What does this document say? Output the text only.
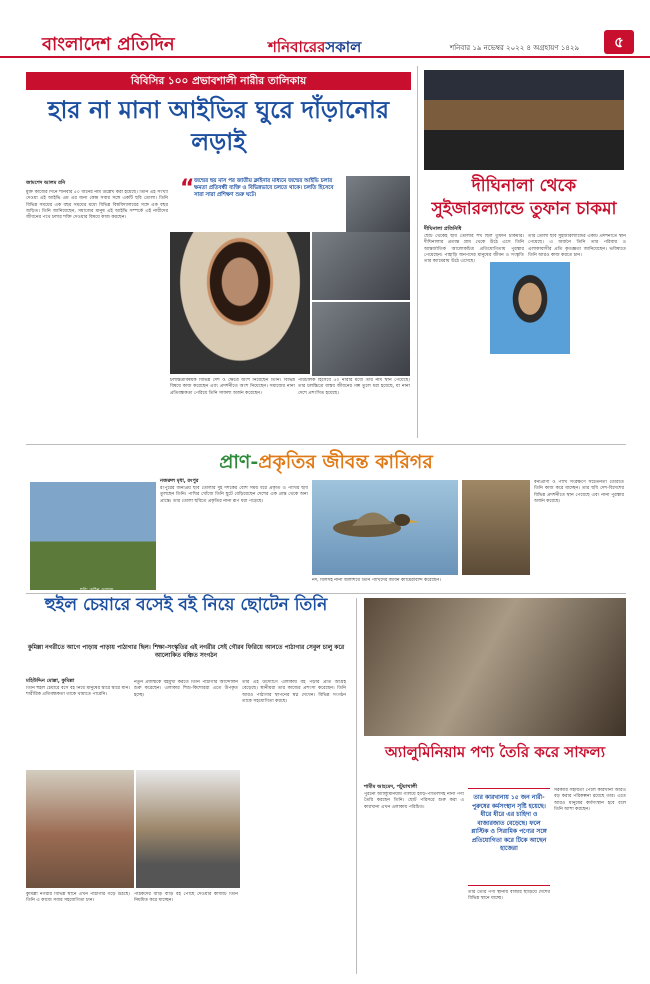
বাংলাদেশ প্রতিদিন	শনিবারেরসকাল	শনিবার ১৯ নভেম্বর ২০২২ ৪ অগ্রহায়ণ ১৪২৯	৫
বিবিসির ১০০ প্রভাবশালী নারীর তালিকায়
হার না মানা আইভির ঘুরে দাঁড়ানোর লড়াই
জামশেদ আলম রনি	“ জন্মের ছয় মাস পর জাতীয় ক্লাইনার মাধ্যমে জন্মের আইভি চলার ক্ষমতা প্রতিবন্ধী ব্যক্তি ও বিভিন্নভাবে চলতে থাকে। চলতি হিসেবে সারা সারা প্রশিক্ষণ শুরু ঘটে।
মুক্ত কাজের দিনে শনিবার ৫০ জনের নাম উল্লেখ করা হয়েছে। তিনি এই সংখ্যা দেওয়া এই আইভি এম এর জন্য কেন্দ্র সবার সঙ্গে একটি ছবি তোলা। তিনি বিভিন্ন সময়ের এক বছর সময়ের মধ্যে বিভিন্ন বিশ্ববিদ্যালয়ের সঙ্গে এক বছর জড়িত। তিনি জানিয়েছেন, সমাজের মানুষ এই আইভি সম্পর্কে এই নারীদের জীবনের পথে চলার শক্তি দেওয়ার বিষয়ে কাজ করছেন।
চলচ্চিত্রবিষয়ক বিভিন্ন দেশ ও ক্ষেত্রে অংশ নিয়েছেন তিনি। বিভিন্ন বিষয়ে কাজ করেছেন এবং প্রদর্শনীতে অংশ নিয়েছেন। সমাজের নানা প্রতিবন্ধকতা পেরিয়ে তিনি সাফল্য অর্জন করেছেন।
পরিচালক হিসেবে ৫০ নারীর মধ্যে তার নাম স্থান পেয়েছে। তার চলচ্চিত্রে বাস্তব জীবনের গল্প তুলে ধরা হয়েছে, যা নানা দেশে প্রশংসিত হয়েছে।
দীঘিনালা থেকে সুইজারল্যান্ডে তুফান চাকমা
দীঘিনালা প্রতিনিধি
ছোট থেকেই ছবি তোলার শখ ছিল তুফান চাকমার। দীঘিনালার প্রত্যন্ত গ্রাম থেকে উঠে এসে তিনি আন্তর্জাতিক আলোকচিত্র প্রতিযোগিতায় পুরস্কার পেয়েছেন। পাহাড়ি জনপদের মানুষের জীবন ও সংস্কৃতি তার ক্যামেরায় উঠে এসেছে।
তার তোলা ছবি সুইজারল্যান্ডের একটি প্রদর্শনীতে স্থান পেয়েছে। এ অর্জনে তিনি তার পরিবার ও এলাকাবাসীর প্রতি কৃতজ্ঞতা জানিয়েছেন। ভবিষ্যতে তিনি আরও কাজ করতে চান।
প্রাণ-প্রকৃতির জীবন্ত কারিগর
ছবি: তুহিন ওয়াদুদ
নজরুল মৃধা, রংপুর
রংপুরের জনপ্রিয় ছবি তোলার দুই দশকের বেশি সময় ধরে প্রকৃতি ও পাখির ছবি তুলছেন তিনি। পাখির খোঁজে তিনি ছুটে বেড়িয়েছেন দেশের এক প্রান্ত থেকে অন্য প্রান্তে। তার তোলা ছবিতে প্রকৃতির নানা রূপ ধরা পড়েছে।
নদ, বিলসহ নানা জলাশয়ে তিনি পাখিদের জীবন ক্যামেরাবন্দি করেছেন।
বন্যপ্রাণী ও পাখি সংরক্ষণে সচেতনতা তৈরিতে তিনি কাজ করে যাচ্ছেন। তার ছবি দেশ-বিদেশের বিভিন্ন প্রদর্শনীতে স্থান পেয়েছে এবং নানা পুরস্কার অর্জন করেছে।
হুইল চেয়ারে বসেই বই নিয়ে ছোটেন তিনি
কুমিল্লা নগরীতে আগে পাড়ায় পাড়ায় পাঠাগার ছিল। শিক্ষা-সংস্কৃতির এই নগরীর সেই গৌরব ফিরিয়ে আনতে পাঠাগার সেবুল চালু করে আলোকিত বঞ্চিত সংগঠন
মহিউদ্দিন মোল্লা, কুমিল্লা
তিনি হুইল চেয়ারে বসে বই নিয়ে মানুষের দ্বারে দ্বারে যান। শারীরিক প্রতিবন্ধকতা তাকে থামাতে পারেনি।
নতুন প্রজন্মকে বইমুখী করতে তিনি পাঠাগার আন্দোলন শুরু করেছেন। এলাকার শিশু-কিশোররা এতে উপকৃত হচ্ছে।
তার এই উদ্যোগে এলাকায় বই পড়ার প্রতি আগ্রহ বেড়েছে। স্থানীয়রা তার কাজের প্রশংসা করেছেন। তিনি আরও পাঠাগার স্থাপনের স্বপ্ন দেখেন। বিভিন্ন সংগঠন তাকে সহযোগিতা করছে।
কুমিল্লা নগরীর বিভিন্ন স্থানে এখন পাঠাগার গড়ে উঠছে। তিনি এ কাজে সবার সহযোগিতা চান।
পাঠকদের বাড়ি বাড়ি বই পৌঁছে দেওয়ার কাজটি তিনি নিয়মিত করে যাচ্ছেন।
অ্যালুমিনিয়াম পণ্য তৈরি করে সাফল্য
শামীম আহমেদ, পটুয়াখালী
পুরনো অ্যালুমিনিয়াম গলিয়ে হাঁড়ি-পাতিলসহ নানা পণ্য তৈরি করছেন তিনি। ছোট পরিসরে শুরু করা এ কারখানা এখন এলাকায় পরিচিত।
তার কারখানায় ১৫ জন নারী-পুরুষের কর্মসংস্থান সৃষ্টি হয়েছে। ধীরে ধীরে এর চাহিদা ও বাজারজাত বেড়েছে। ফলে প্লাস্টিক ও সিরামিক পণ্যের সঙ্গে প্রতিযোগিতা করে টিকে আছেন হাজেরা
তার তৈরি পণ্য স্থানীয় বাজার ছাড়িয়ে দেশের বিভিন্ন স্থানে যাচ্ছে।
সরকারি সহায়তা পেলে কারখানা আরও বড় করার পরিকল্পনা রয়েছে তার। এতে আরও মানুষের কর্মসংস্থান হবে বলে তিনি আশা করছেন।
